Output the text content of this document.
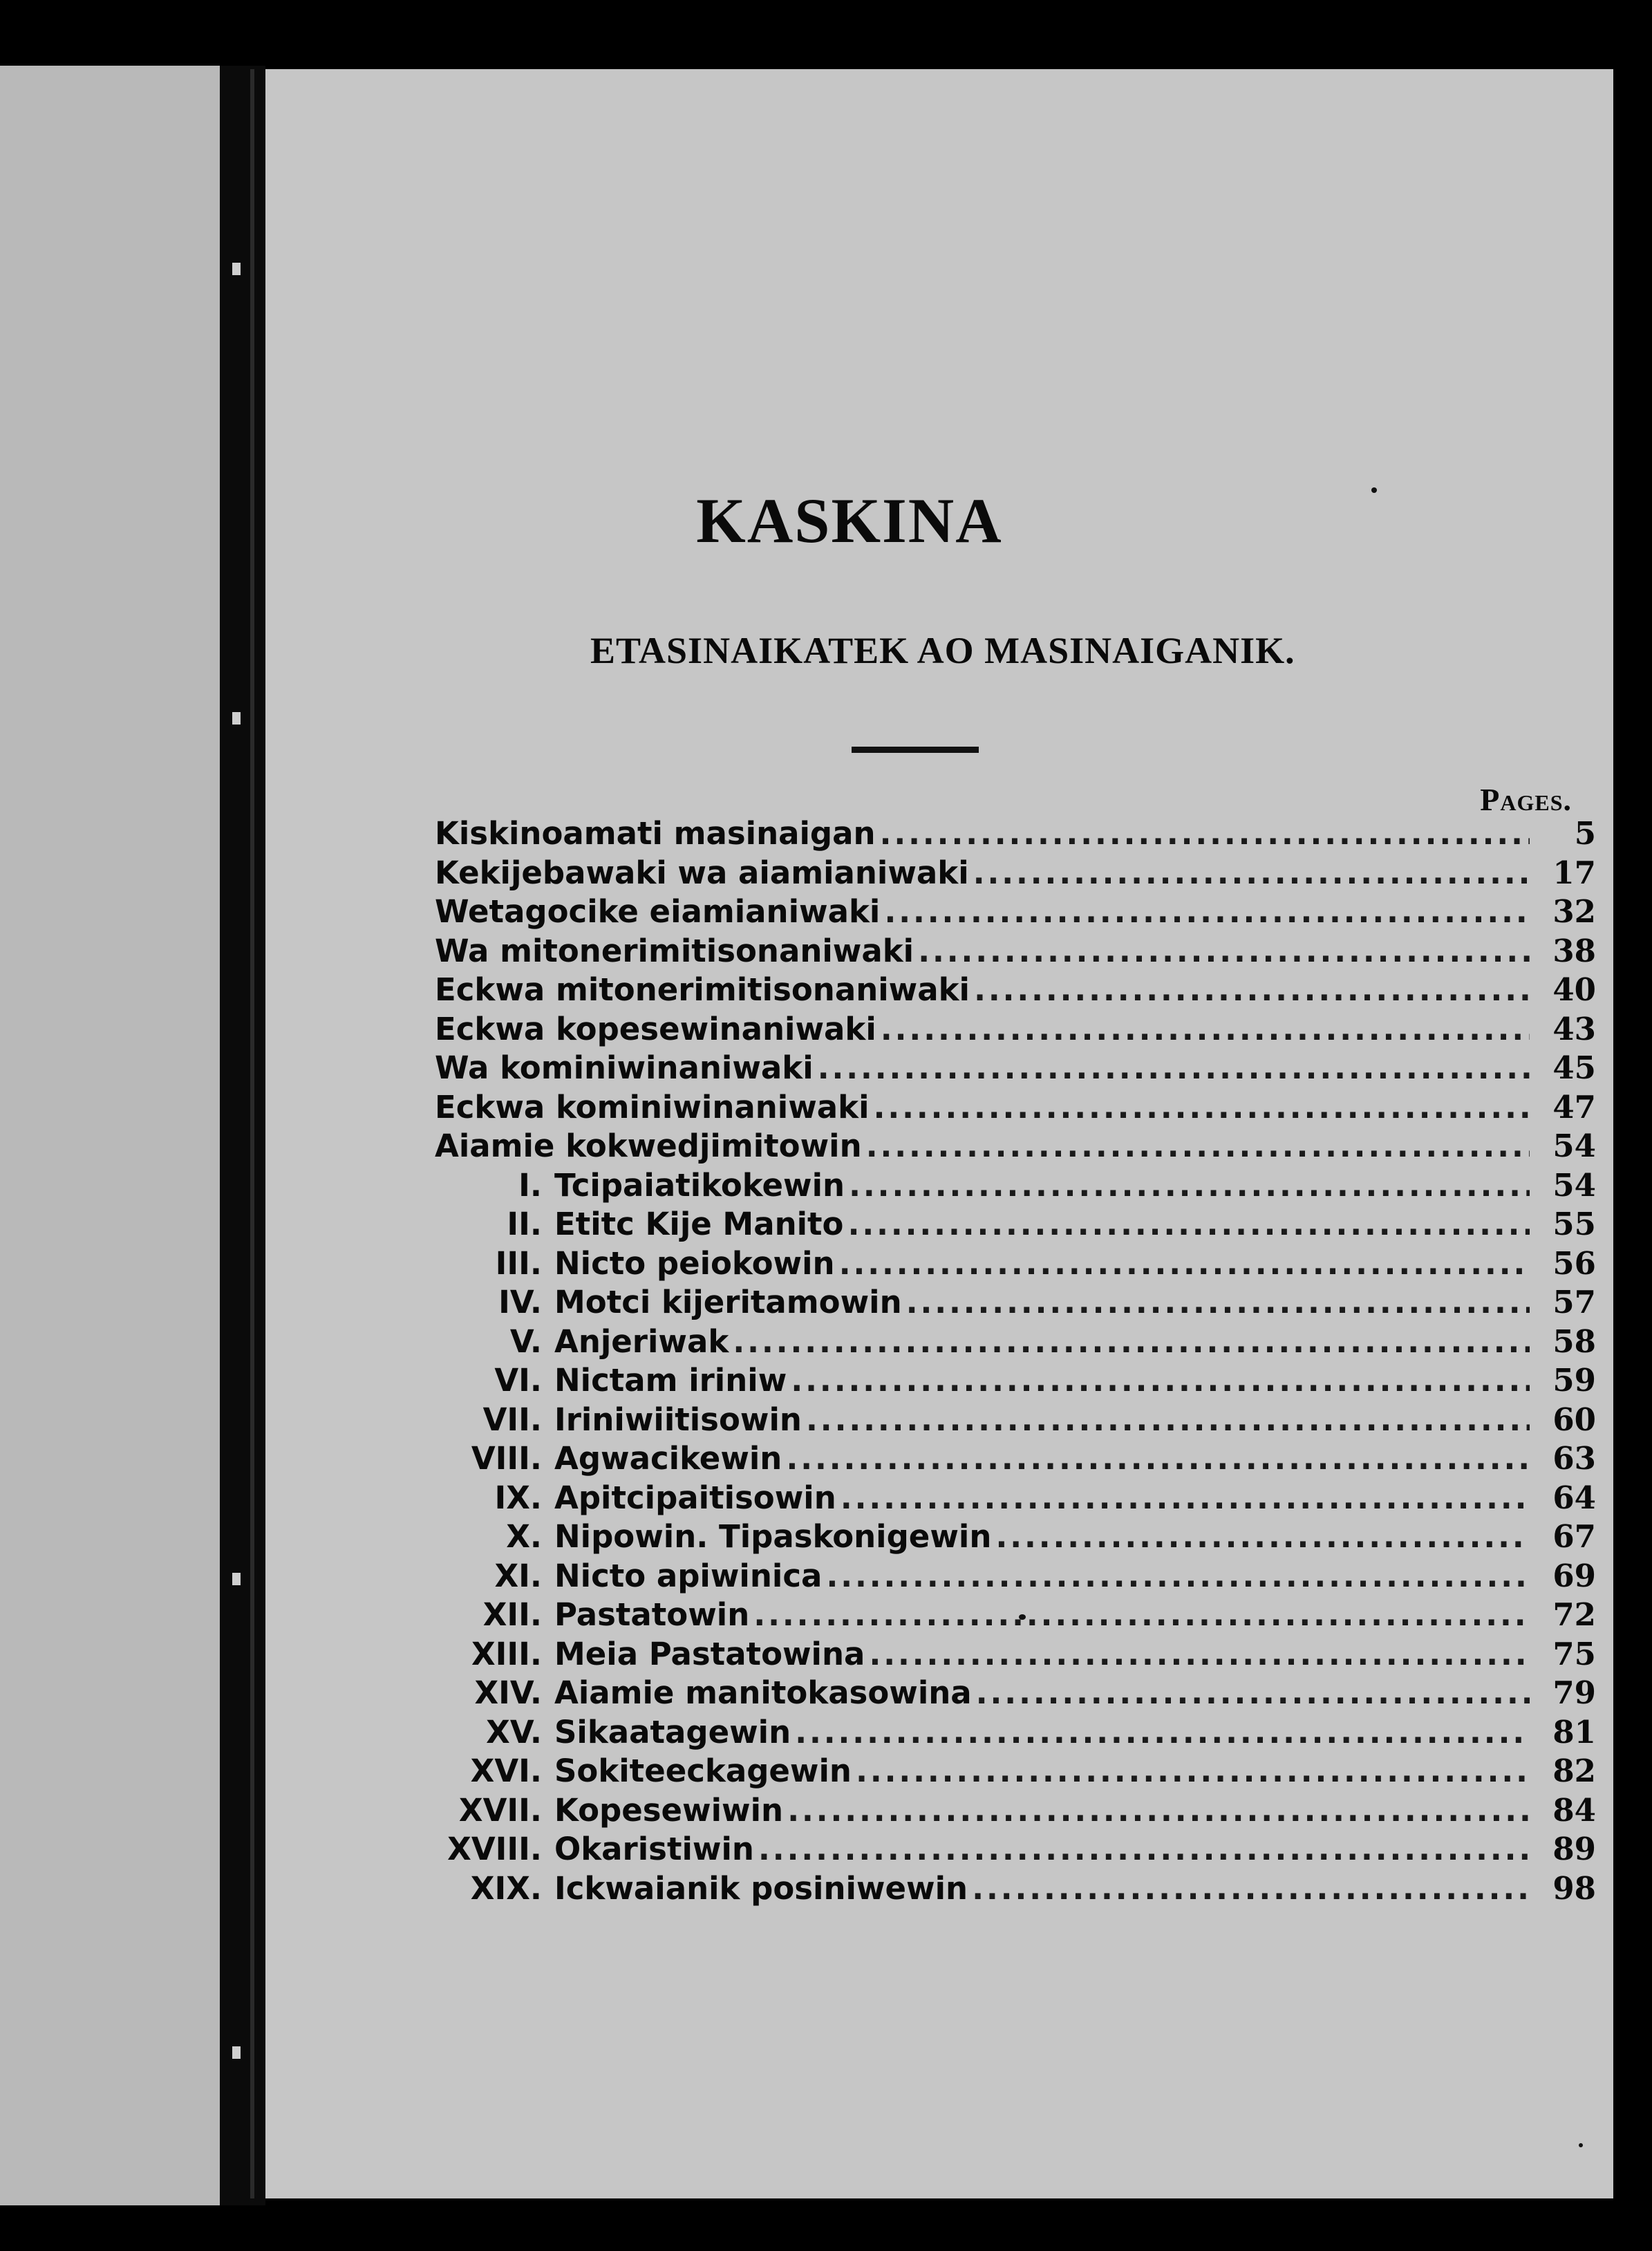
KASKINA
ETASINAIKATEK AO MASINAIGANIK.
Pages.
Kiskinoamati masinaigan . . .	5
Kekijebawaki wa aiamianiwaki . . .	17
Wetagocike eiamianiwaki . . .	32
Wa mitonerimitisonaniwaki . . .	38
Eckwa mitonerimitisonaniwaki . . .	40
Eckwa kopesewinaniwaki . . .	43
Wa kominiwinaniwaki . . .	45
Eckwa kominiwinaniwaki . . .	47
Aiamie kokwedjimitowin . . .	54
I. Tcipaiatikokewin . . .	54
II. Etitc Kije Manito . . .	55
III. Nicto peiokowin . . .	56
IV. Motci kijeritamowin . . .	57
V. Anjeriwak . . .	58
VI. Nictam iriniw . . .	59
VII. Iriniwiitisowin . . .	60
VIII. Agwacikewin . . .	63
IX. Apitcipaitisowin . . .	64
X. Nipowin. Tipaskonigewin . . .	67
XI. Nicto apiwinica . . .	69
XII. Pastatowin . . .	72
XIII. Meia Pastatowina . . .	75
XIV. Aiamie manitokasowina . . .	79
XV. Sikaatagewin . . .	81
XVI. Sokiteeckagewin . . .	82
XVII. Kopesewiwin . . .	84
XVIII. Okaristiwin . . .	89
XIX. Ickwaianik posiniwewin . . .	98
